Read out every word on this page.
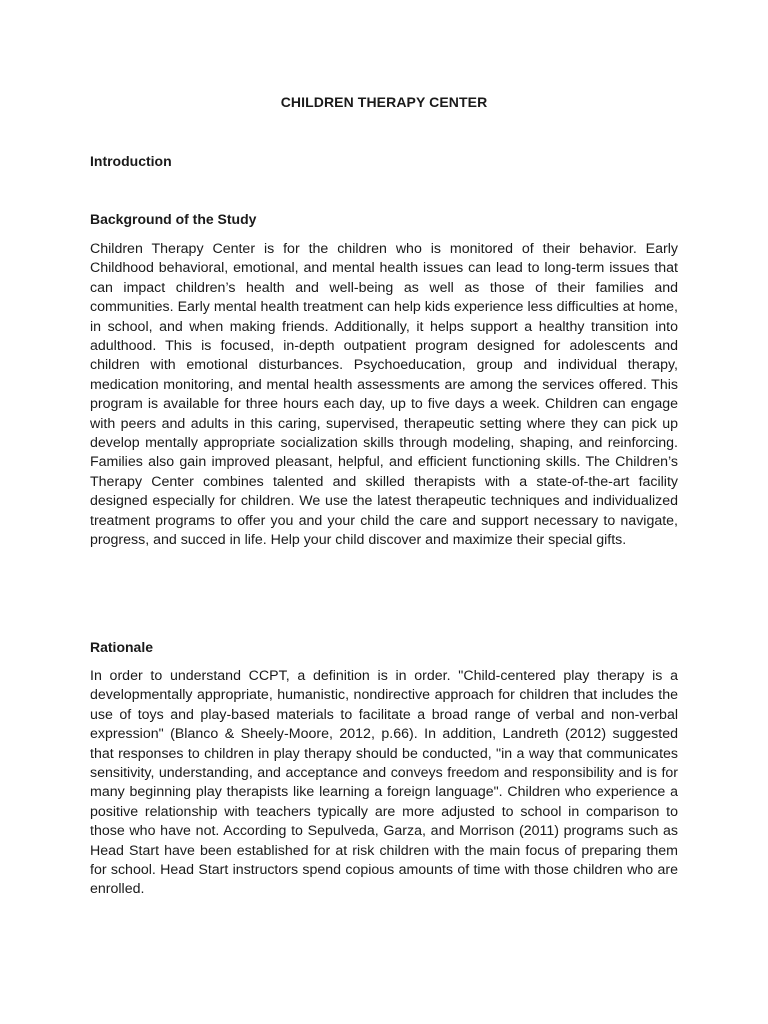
CHILDREN THERAPY CENTER
Introduction
Background of the Study

Children Therapy Center is for the children who is monitored of their behavior. Early Childhood behavioral, emotional, and mental health issues can lead to long-term issues that can impact children’s health and well-being as well as those of their families and communities. Early mental health treatment can help kids experience less difficulties at home, in school, and when making friends. Additionally, it helps support a healthy transition into adulthood. This is focused, in-depth outpatient program designed for adolescents and children with emotional disturbances. Psychoeducation, group and individual therapy, medication monitoring, and mental health assessments are among the services offered. This program is available for three hours each day, up to five days a week. Children can engage with peers and adults in this caring, supervised, therapeutic setting where they can pick up develop mentally appropriate socialization skills through modeling, shaping, and reinforcing. Families also gain improved pleasant, helpful, and efficient functioning skills. The Children’s Therapy Center combines talented and skilled therapists with a state-of-the-art facility designed especially for children. We use the latest therapeutic techniques and individualized treatment programs to offer you and your child the care and support necessary to navigate, progress, and succed in life. Help your child discover and maximize their special gifts.

Rationale

In order to understand CCPT, a definition is in order. "Child-centered play therapy is a developmentally appropriate, humanistic, nondirective approach for children that includes the use of toys and play-based materials to facilitate a broad range of verbal and non-verbal expression" (Blanco & Sheely-Moore, 2012, p.66). In addition, Landreth (2012) suggested that responses to children in play therapy should be conducted, "in a way that communicates sensitivity, understanding, and acceptance and conveys freedom and responsibility and is for many beginning play therapists like learning a foreign language". Children who experience a positive relationship with teachers typically are more adjusted to school in comparison to those who have not. According to Sepulveda, Garza, and Morrison (2011) programs such as Head Start have been established for at risk children with the main focus of preparing them for school. Head Start instructors spend copious amounts of time with those children who are enrolled.
